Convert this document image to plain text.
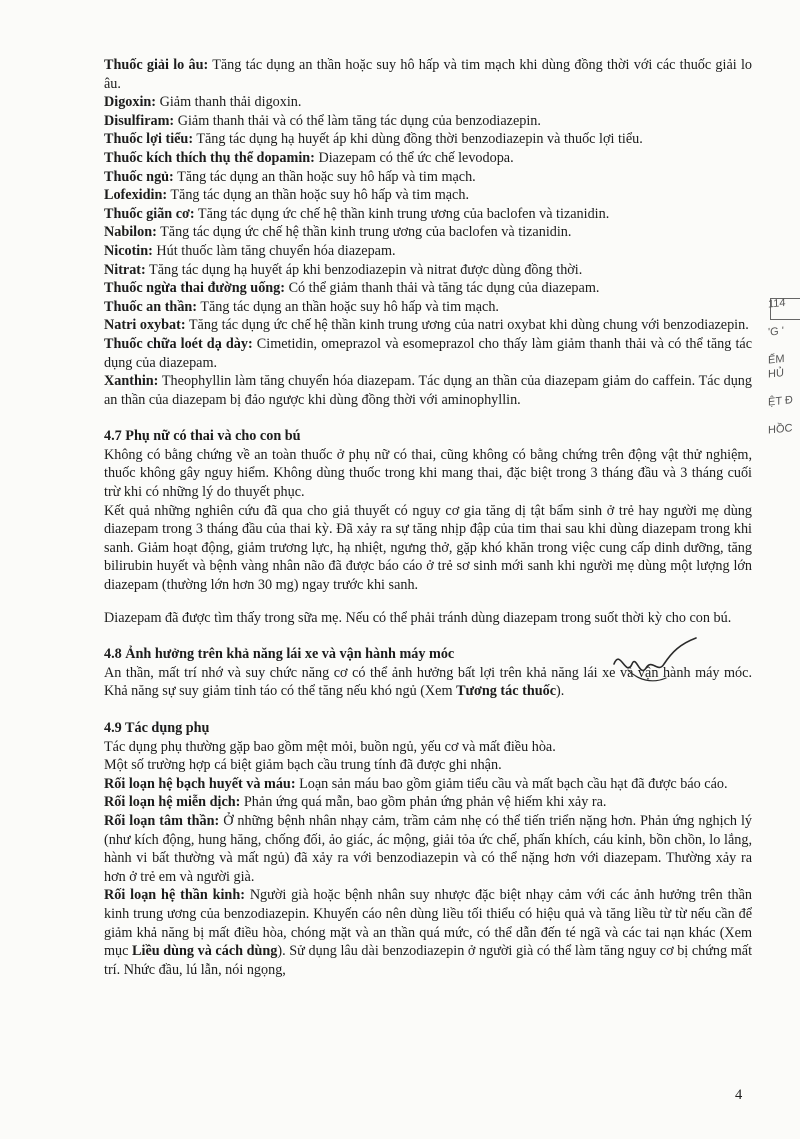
Thuốc giải lo âu: Tăng tác dụng an thần hoặc suy hô hấp và tim mạch khi dùng đồng thời với các thuốc giải lo âu.

Digoxin: Giảm thanh thải digoxin.

Disulfiram: Giảm thanh thải và có thể làm tăng tác dụng của benzodiazepin.

Thuốc lợi tiểu: Tăng tác dụng hạ huyết áp khi dùng đồng thời benzodiazepin và thuốc lợi tiểu.

Thuốc kích thích thụ thể dopamin: Diazepam có thể ức chế levodopa.

Thuốc ngủ: Tăng tác dụng an thần hoặc suy hô hấp và tim mạch.

Lofexidin: Tăng tác dụng an thần hoặc suy hô hấp và tim mạch.

Thuốc giãn cơ: Tăng tác dụng ức chế hệ thần kinh trung ương của baclofen và tizanidin.

Nabilon: Tăng tác dụng ức chế hệ thần kinh trung ương của baclofen và tizanidin.

Nicotin: Hút thuốc làm tăng chuyển hóa diazepam.

Nitrat: Tăng tác dụng hạ huyết áp khi benzodiazepin và nitrat được dùng đồng thời.

Thuốc ngừa thai đường uống: Có thể giảm thanh thải và tăng tác dụng của diazepam.

Thuốc an thần: Tăng tác dụng an thần hoặc suy hô hấp và tim mạch.

Natri oxybat: Tăng tác dụng ức chế hệ thần kinh trung ương của natri oxybat khi dùng chung với benzodiazepin.

Thuốc chữa loét dạ dày: Cimetidin, omeprazol và esomeprazol cho thấy làm giảm thanh thải và có thể tăng tác dụng của diazepam.

Xanthin: Theophyllin làm tăng chuyển hóa diazepam. Tác dụng an thần của diazepam giảm do caffein. Tác dụng an thần của diazepam bị đảo ngược khi dùng đồng thời với aminophyllin.

4.7 Phụ nữ có thai và cho con bú

Không có bằng chứng về an toàn thuốc ở phụ nữ có thai, cũng không có bằng chứng trên động vật thử nghiệm, thuốc không gây nguy hiểm. Không dùng thuốc trong khi mang thai, đặc biệt trong 3 tháng đầu và 3 tháng cuối trừ khi có những lý do thuyết phục.

Kết quả những nghiên cứu đã qua cho giả thuyết có nguy cơ gia tăng dị tật bẩm sinh ở trẻ hay người mẹ dùng diazepam trong 3 tháng đầu của thai kỳ. Đã xảy ra sự tăng nhịp đập của tim thai sau khi dùng diazepam trong khi sanh. Giảm hoạt động, giảm trương lực, hạ nhiệt, ngưng thở, gặp khó khăn trong việc cung cấp dinh dưỡng, tăng bilirubin huyết và bệnh vàng nhân não đã được báo cáo ở trẻ sơ sinh mới sanh khi người mẹ dùng một lượng lớn diazepam (thường lớn hơn 30 mg) ngay trước khi sanh.

Diazepam đã được tìm thấy trong sữa mẹ. Nếu có thể phải tránh dùng diazepam trong suốt thời kỳ cho con bú.

4.8 Ảnh hưởng trên khả năng lái xe và vận hành máy móc

An thần, mất trí nhớ và suy chức năng cơ có thể ảnh hưởng bất lợi trên khả năng lái xe và vận hành máy móc. Khả năng sự suy giảm tỉnh táo có thể tăng nếu khó ngủ (Xem Tương tác thuốc).

4.9 Tác dụng phụ

Tác dụng phụ thường gặp bao gồm mệt mỏi, buồn ngủ, yếu cơ và mất điều hòa.

Một số trường hợp cá biệt giảm bạch cầu trung tính đã được ghi nhận.

Rối loạn hệ bạch huyết và máu: Loạn sản máu bao gồm giảm tiểu cầu và mất bạch cầu hạt đã được báo cáo.

Rối loạn hệ miễn dịch: Phản ứng quá mẫn, bao gồm phản ứng phản vệ hiếm khi xảy ra.

Rối loạn tâm thần: Ở những bệnh nhân nhạy cảm, trầm cảm nhẹ có thể tiến triển nặng hơn. Phản ứng nghịch lý (như kích động, hung hăng, chống đối, ảo giác, ác mộng, giải tỏa ức chế, phấn khích, cáu kỉnh, bồn chồn, lo lắng, hành vi bất thường và mất ngủ) đã xảy ra với benzodiazepin và có thể nặng hơn với diazepam. Thường xảy ra hơn ở trẻ em và người già.

Rối loạn hệ thần kinh: Người già hoặc bệnh nhân suy nhược đặc biệt nhạy cảm với các ảnh hưởng trên thần kinh trung ương của benzodiazepin. Khuyến cáo nên dùng liều tối thiểu có hiệu quả và tăng liều từ từ nếu cần để giảm khả năng bị mất điều hòa, chóng mặt và an thần quá mức, có thể dẫn đến té ngã và các tai nạn khác (Xem mục Liều dùng và cách dùng). Sử dụng lâu dài benzodiazepin ở người già có thể làm tăng nguy cơ bị chứng mất trí. Nhức đầu, lú lẫn, nói ngọng,

4
114
'G '
ẾM HỦ
ỆT Đ
HỒC
